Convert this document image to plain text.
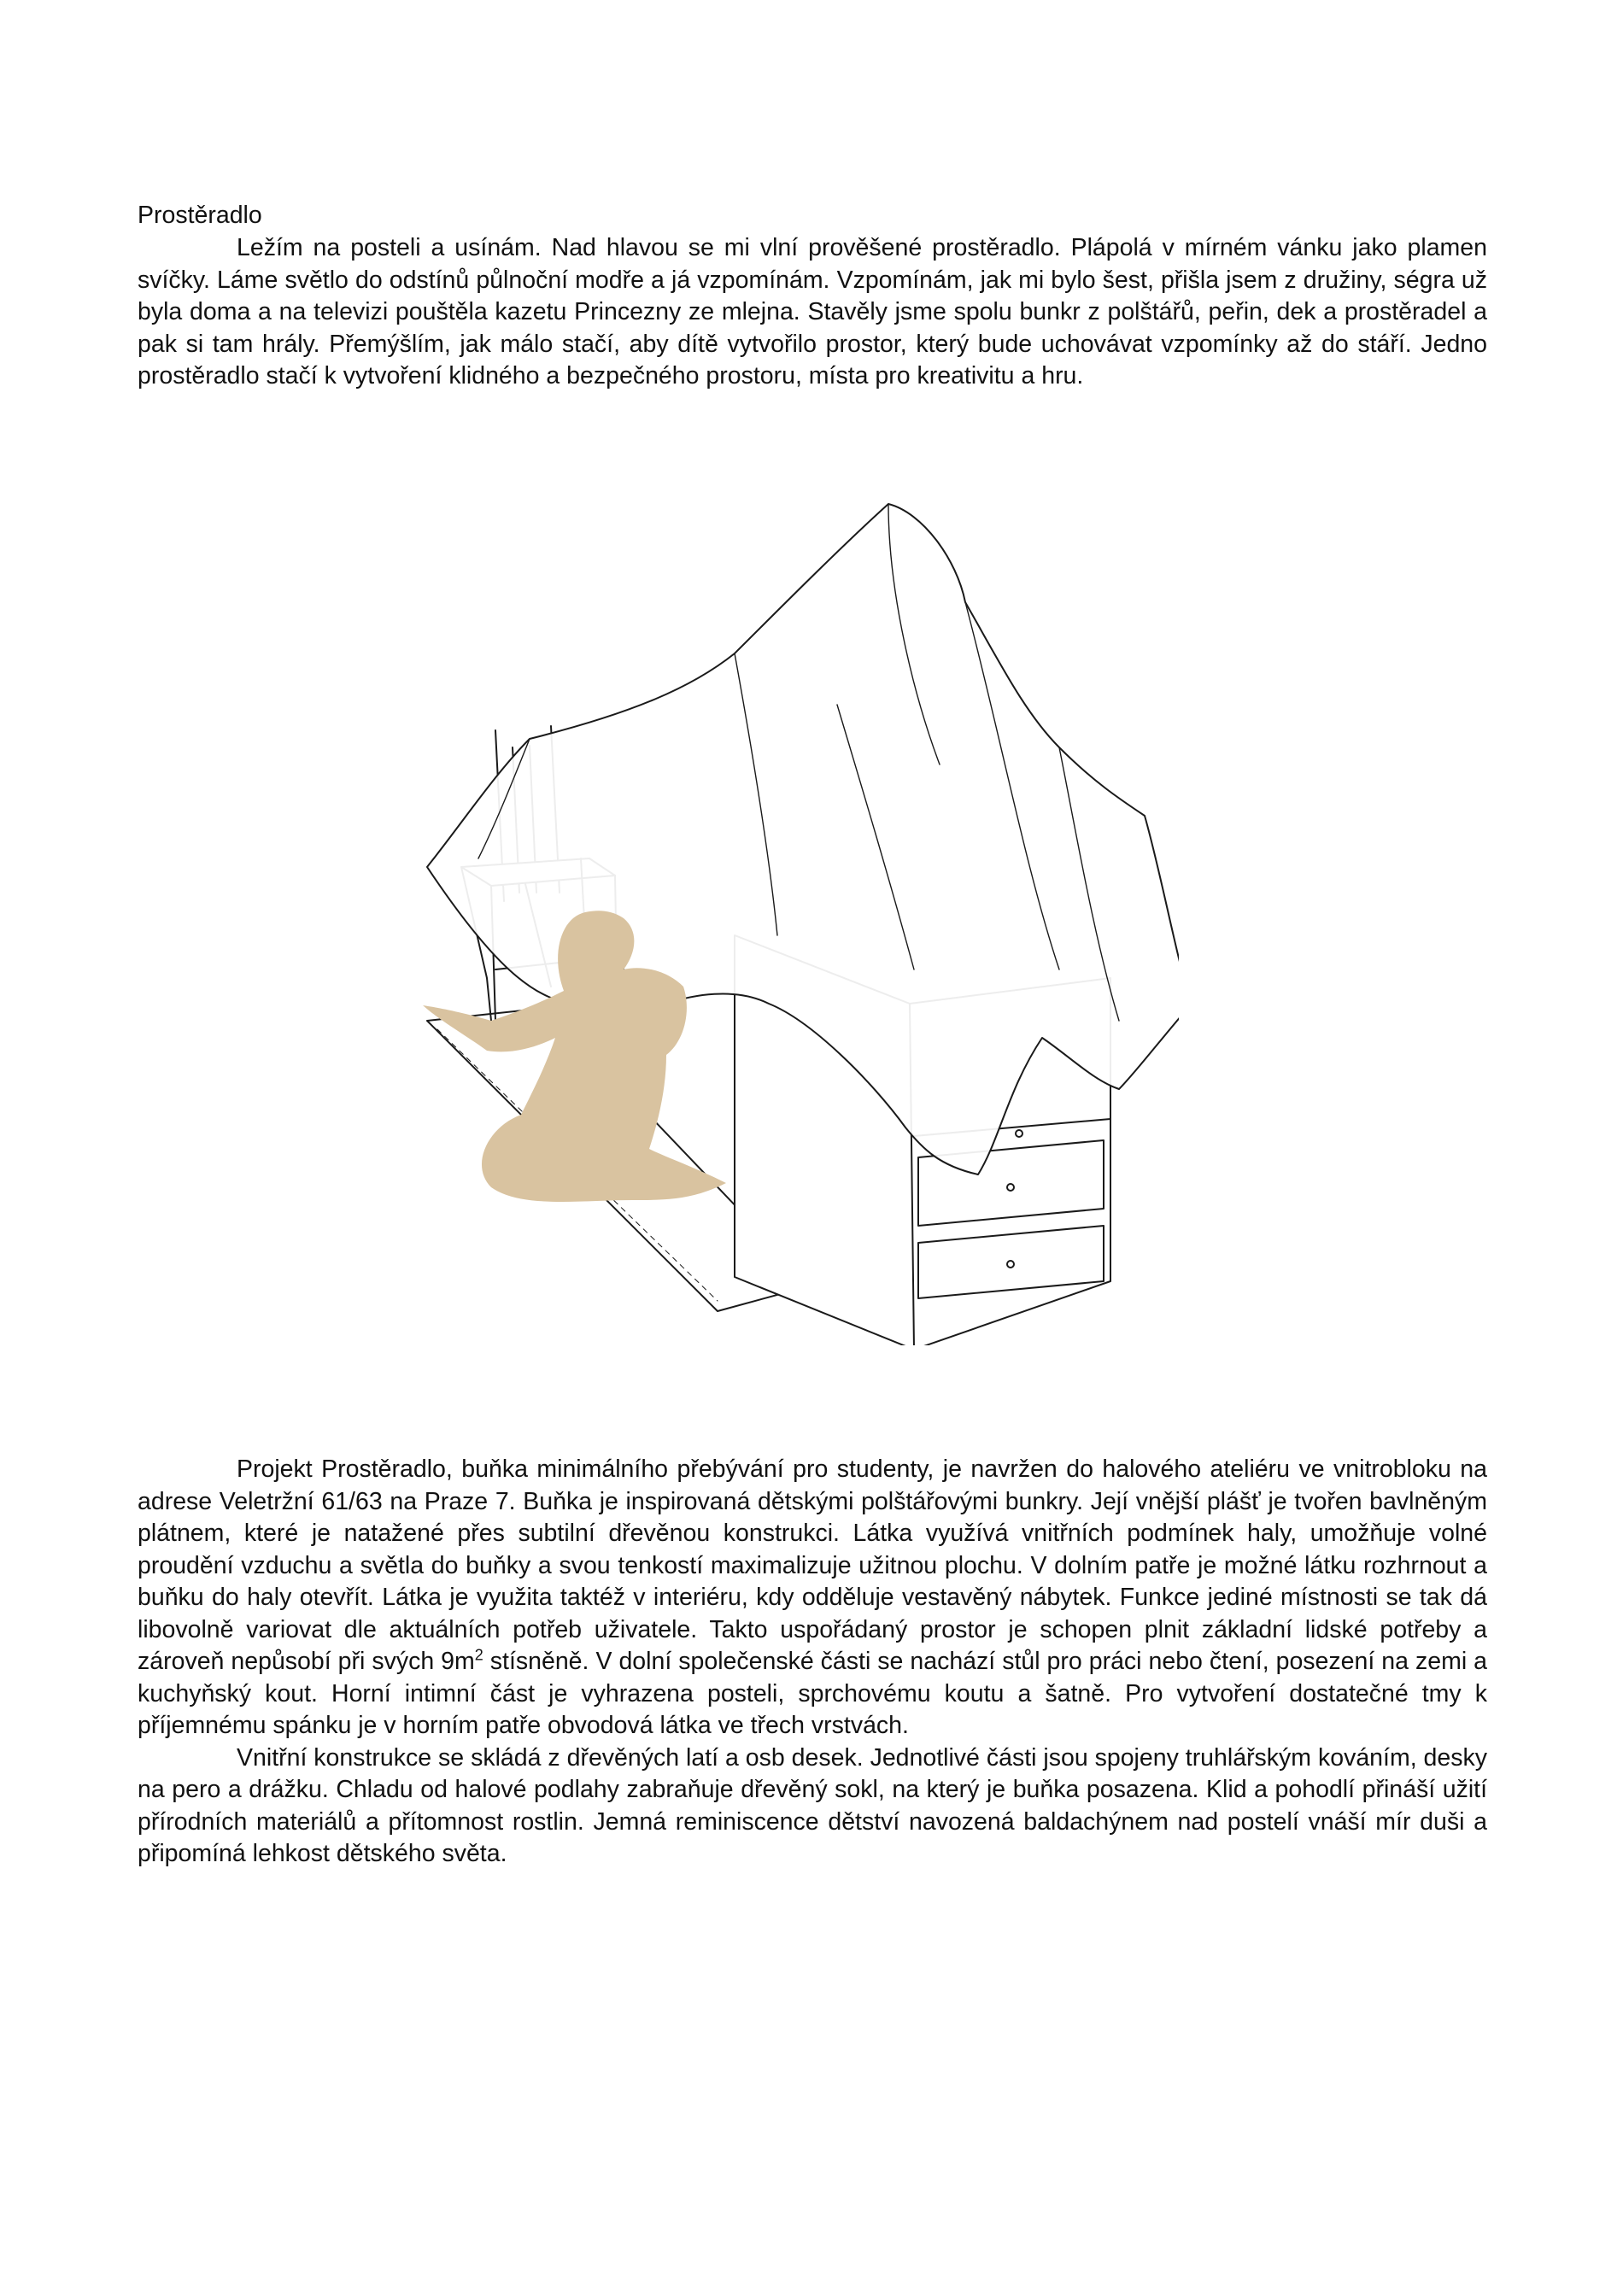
Prostěradlo

Ležím na posteli a usínám. Nad hlavou se mi vlní prověšené prostěradlo. Plápolá v mírném vánku jako plamen svíčky. Láme světlo do odstínů půlnoční modře a já vzpomínám. Vzpomínám, jak mi bylo šest, přišla jsem z družiny, ségra už byla doma a na televizi pouštěla kazetu Princezny ze mlejna. Stavěly jsme spolu bunkr z polštářů, peřin, dek a prostěradel a pak si tam hrály. Přemýšlím, jak málo stačí, aby dítě vytvořilo prostor, který bude uchovávat vzpomínky až do stáří. Jedno prostěradlo stačí k vytvoření klidného a bezpečného prostoru, místa pro kreativitu a hru.

Projekt Prostěradlo, buňka minimálního přebývání pro studenty, je navržen do halového ateliéru ve vnitrobloku na adrese Veletržní 61/63 na Praze 7. Buňka je inspirovaná dětskými polštářovými bunkry. Její vnější plášť je tvořen bavlněným plátnem, které je natažené přes subtilní dřevěnou konstrukci. Látka využívá vnitřních podmínek haly, umožňuje volné proudění vzduchu a světla do buňky a svou tenkostí maximalizuje užitnou plochu. V dolním patře je možné látku rozhrnout a buňku do haly otevřít. Látka je využita taktéž v interiéru, kdy odděluje vestavěný nábytek. Funkce jediné místnosti se tak dá libovolně variovat dle aktuálních potřeb uživatele. Takto uspořádaný prostor je schopen plnit základní lidské potřeby a zároveň nepůsobí při svých $9m^2$ stísněně. V dolní společenské části se nachází stůl pro práci nebo čtení, posezení na zemi a kuchyňský kout. Horní intimní část je vyhrazena posteli, sprchovému koutu a šatně. Pro vytvoření dostatečné tmy k příjemnému spánku je v horním patře obvodová látka ve třech vrstvách.

Vnitřní konstrukce se skládá z dřevěných latí a osb desek. Jednotlivé části jsou spojeny truhlářským kováním, desky na pero a drážku. Chladu od halové podlahy zabraňuje dřevěný sokl, na který je buňka posazena. Klid a pohodlí přináší užití přírodních materiálů a přítomnost rostlin. Jemná reminiscence dětství navozená baldachýnem nad postelí vnáší mír duši a připomíná lehkost dětského světa.
